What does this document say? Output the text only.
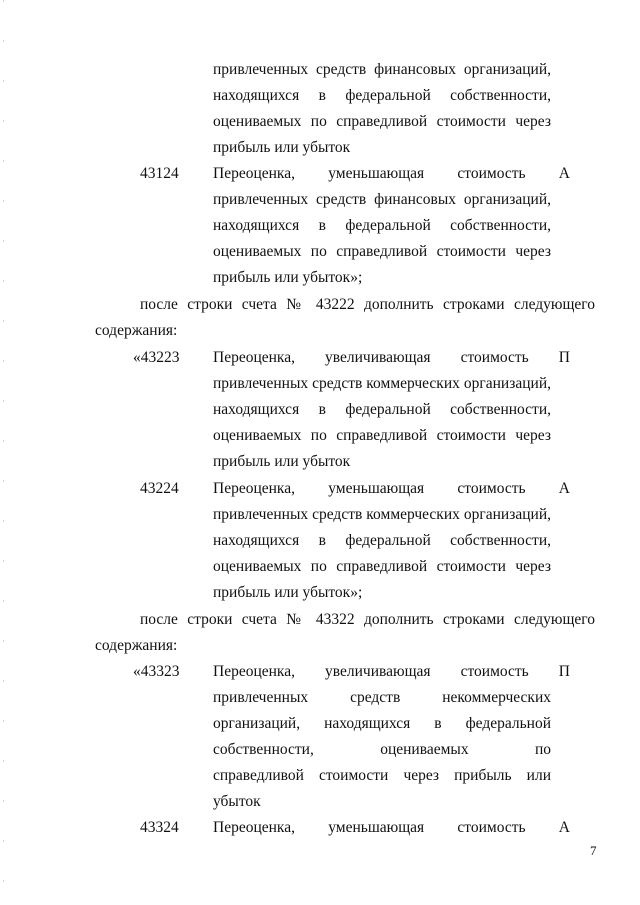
привлеченных средств финансовых организаций,
находящихся в федеральной собственности,
оцениваемых по справедливой стоимости через
прибыль или убыток
43124 Переоценка, уменьшающая стоимость А
привлеченных средств финансовых организаций,
находящихся в федеральной собственности,
оцениваемых по справедливой стоимости через
прибыль или убыток»;
после строки счета № 43222 дополнить строками следующего
содержания:
«43223 Переоценка, увеличивающая стоимость П
привлеченных средств коммерческих организаций,
находящихся в федеральной собственности,
оцениваемых по справедливой стоимости через
прибыль или убыток
43224 Переоценка, уменьшающая стоимость А
привлеченных средств коммерческих организаций,
находящихся в федеральной собственности,
оцениваемых по справедливой стоимости через
прибыль или убыток»;
после строки счета № 43322 дополнить строками следующего
содержания:
«43323 Переоценка, увеличивающая стоимость П
привлеченных средств некоммерческих
организаций, находящихся в федеральной
собственности, оцениваемых по
справедливой стоимости через прибыль или
убыток
43324 Переоценка, уменьшающая стоимость А
7
